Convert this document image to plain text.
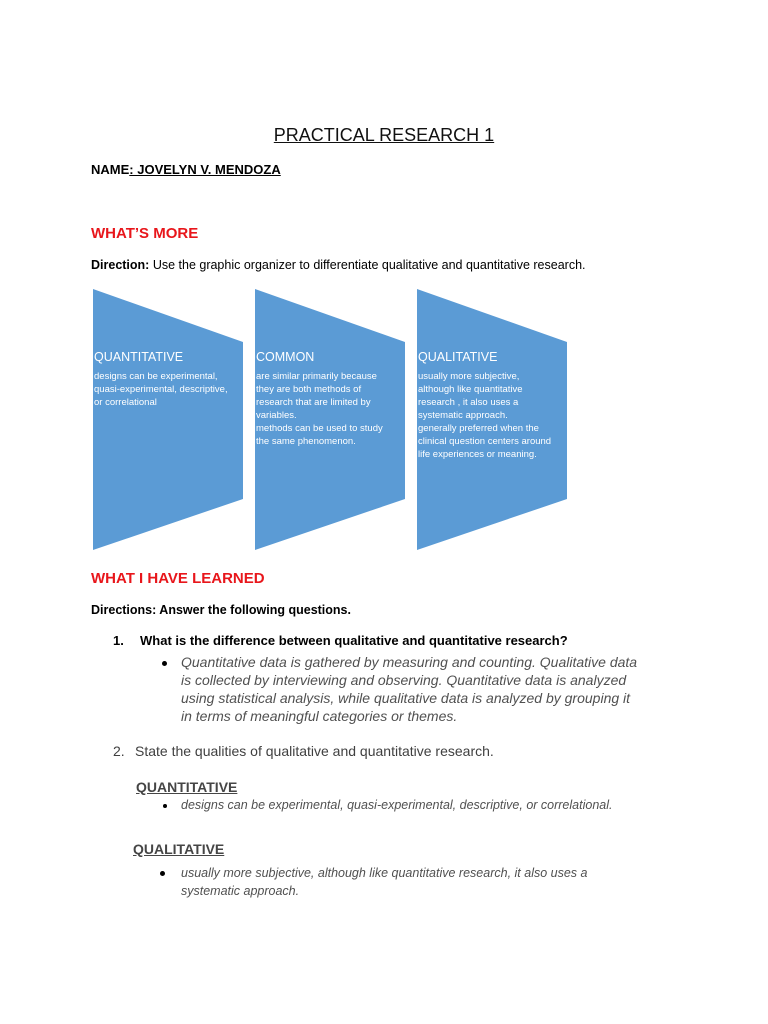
PRACTICAL RESEARCH 1
NAME: JOVELYN V. MENDOZA
WHAT’S MORE
Direction: Use the graphic organizer to differentiate qualitative and quantitative research.
QUANTITATIVE
designs can be experimental,
quasi-experimental, descriptive,
or correlational
COMMON
are similar primarily because
they are both methods of
research that are limited by
variables.
methods can be used to study
the same phenomenon.
QUALITATIVE
usually more subjective,
although like quantitative
research , it also uses a
systematic approach.
generally preferred when the
clinical question centers around
life experiences or meaning.
WHAT I HAVE LEARNED
Directions: Answer the following questions.
1. What is the difference between qualitative and quantitative research?
Quantitative data is gathered by measuring and counting. Qualitative data
is collected by interviewing and observing. Quantitative data is analyzed
using statistical analysis, while qualitative data is analyzed by grouping it
in terms of meaningful categories or themes.
2. State the qualities of qualitative and quantitative research.
QUANTITATIVE
designs can be experimental, quasi-experimental, descriptive, or correlational.
QUALITATIVE
usually more subjective, although like quantitative research, it also uses a
systematic approach.
